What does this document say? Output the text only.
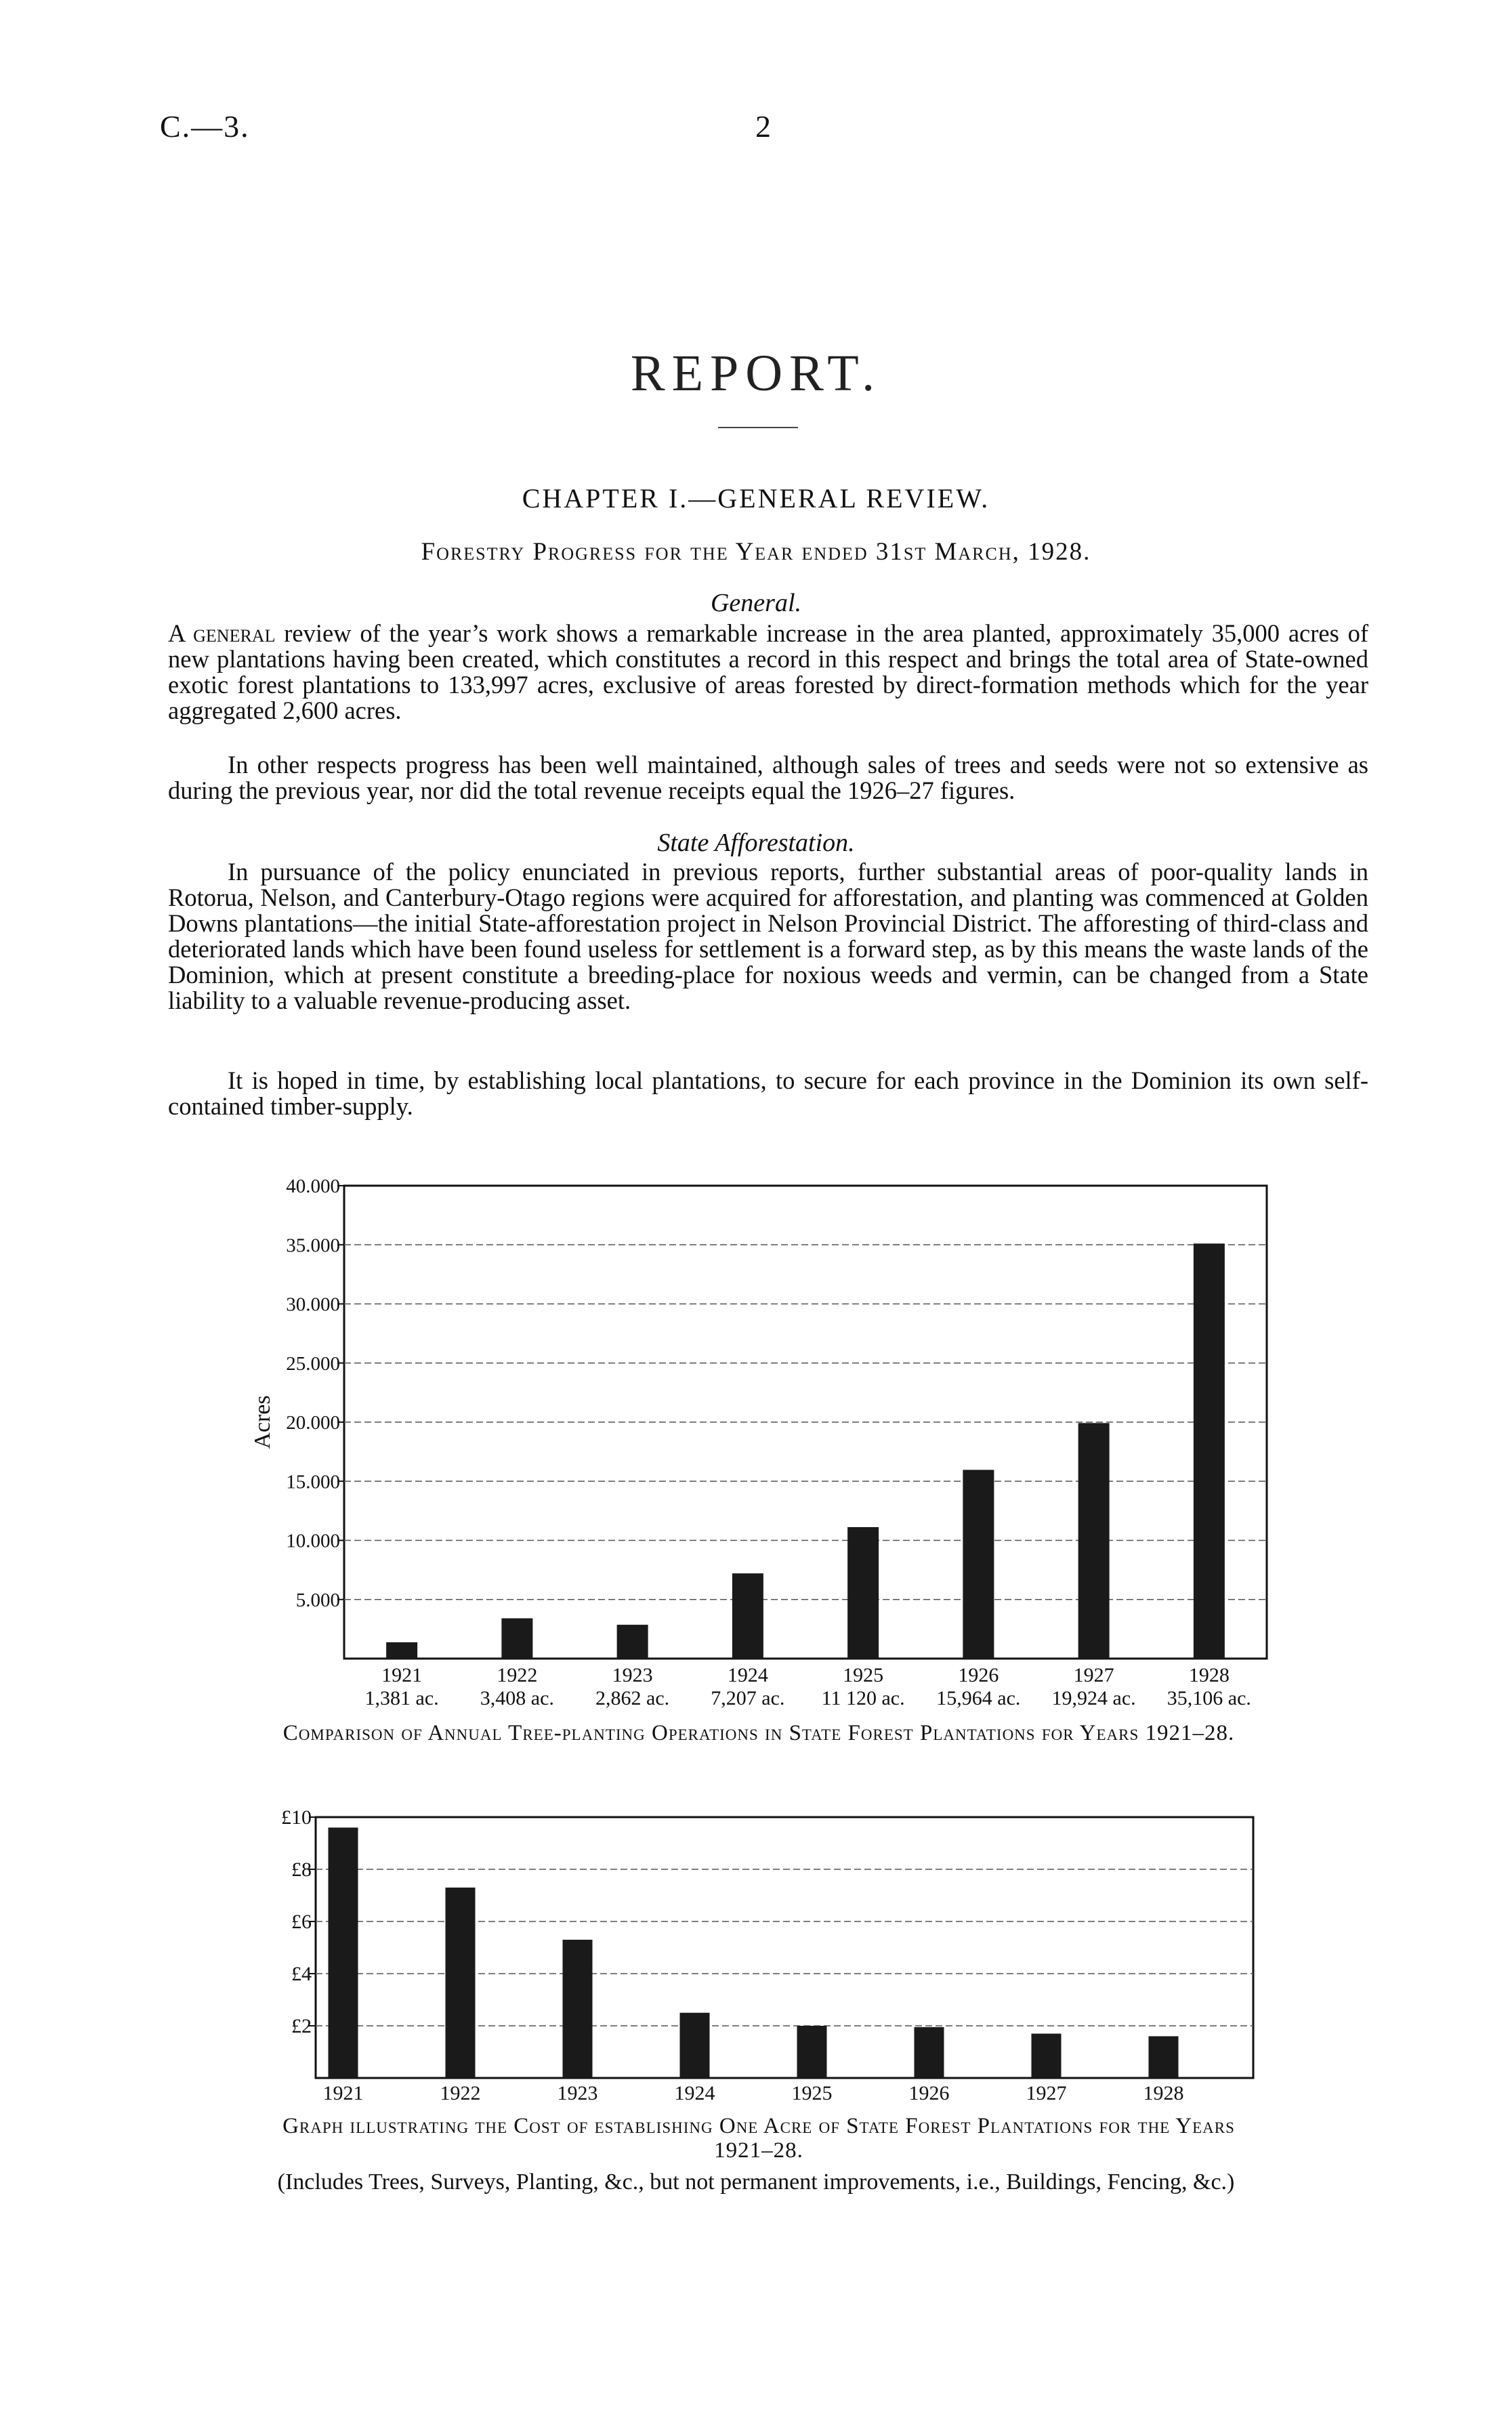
C.—3.	2
REPORT.
CHAPTER I.—GENERAL REVIEW.
Forestry Progress for the Year ended 31st March, 1928.
General.

A general review of the year’s work shows a remarkable increase in the area planted, approximately 35,000 acres of new plantations having been created, which constitutes a record in this respect and brings the total area of State-owned exotic forest plantations to 133,997 acres, exclusive of areas forested by direct-formation methods which for the year aggregated 2,600 acres.

In other respects progress has been well maintained, although sales of trees and seeds were not so extensive as during the previous year, nor did the total revenue receipts equal the 1926–27 figures.

State Afforestation.

In pursuance of the policy enunciated in previous reports, further substantial areas of poor-quality lands in Rotorua, Nelson, and Canterbury-Otago regions were acquired for afforestation, and planting was commenced at Golden Downs plantations—the initial State-afforestation project in Nelson Provincial District. The afforesting of third-class and deteriorated lands which have been found useless for settlement is a forward step, as by this means the waste lands of the Dominion, which at present constitute a breeding-place for noxious weeds and vermin, can be changed from a State liability to a valuable revenue-producing asset.

It is hoped in time, by establishing local plantations, to secure for each province in the Dominion its own self-contained timber-supply.

5.000
10.000
15.000
20.000
25.000
30.000
35.000
40.000
Acres
1921
1,381 ac.
1922
3,408 ac.
1923
2,862 ac.
1924
7,207 ac.
1925
11 120 ac.
1926
15,964 ac.
1927
19,924 ac.
1928
35,106 ac.
Comparison of Annual Tree-planting Operations in State Forest Plantations for Years 1921–28.
£2
£4
£6
£8
£10
1921	1922	1923	1924	1925	1926	1927	1928
Graph illustrating the Cost of establishing One Acre of State Forest Plantations for the Years 1921–28.
(Includes Trees, Surveys, Planting, &c., but not permanent improvements, i.e., Buildings, Fencing, &c.)
